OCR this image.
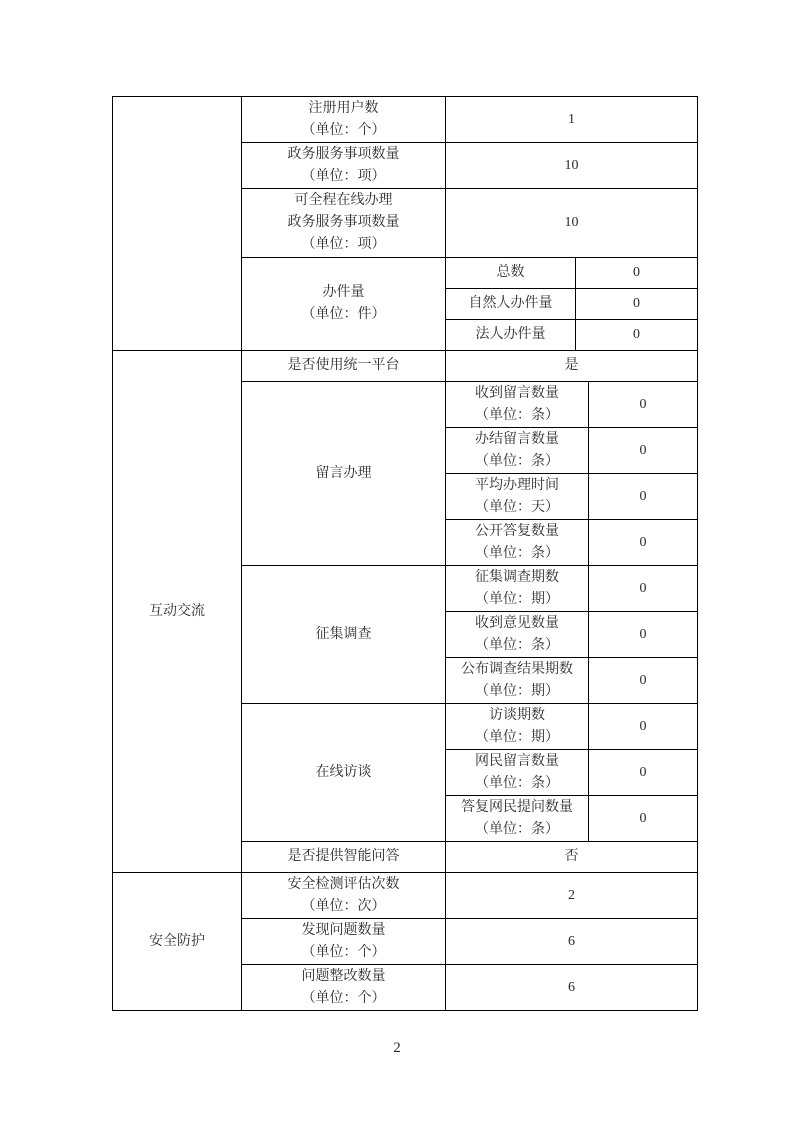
	注册用户数
（单位：个）	1		

	政务服务事项数量
（单位：项）	10		

	可全程在线办理
政务服务事项数量
（单位：项）	10		

	办件量
（单位：件）	总数	0	

		自然人办件量	0	

		法人办件量	0	
互动交流	是否使用统一平台	是		

	留言办理	收到留言数量
（单位：条）		0

		办结留言数量
（单位：条）		0

		平均办理时间
（单位：天）		0

		公开答复数量
（单位：条）		0

	征集调查	征集调查期数
（单位：期）		0

		收到意见数量
（单位：条）		0

		公布调查结果期数
（单位：期）		0

	在线访谈	访谈期数
（单位：期）		0

		网民留言数量
（单位：条）		0

		答复网民提问数量
（单位：条）		0

	是否提供智能问答	否		
安全防护	安全检测评估次数
（单位：次）	2		

	发现问题数量
（单位：个）	6		

	问题整改数量
（单位：个）	6		
2
